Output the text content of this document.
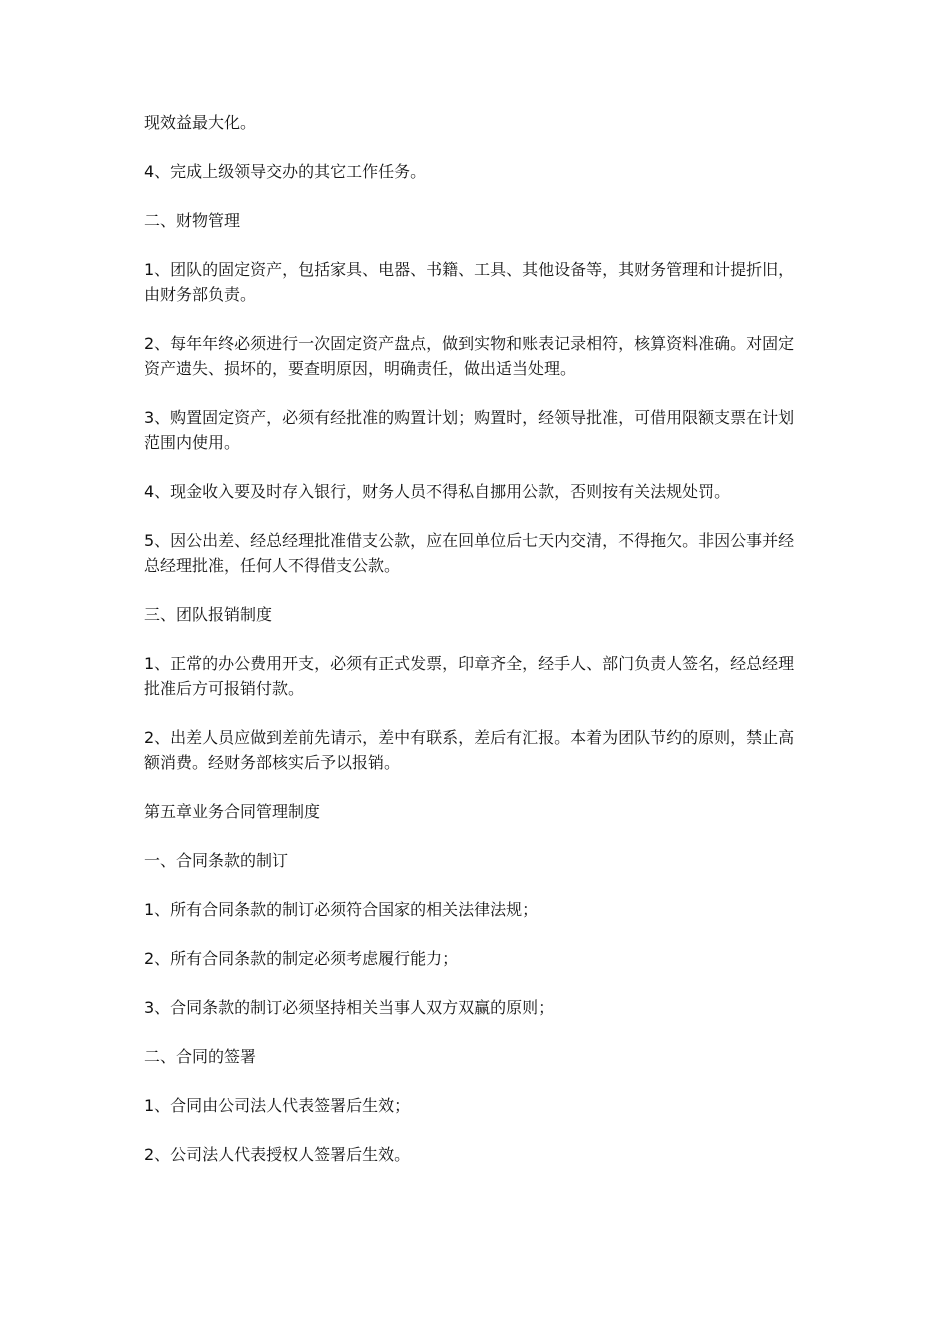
现效益最大化。

4、完成上级领导交办的其它工作任务。

二、财物管理

1、团队的固定资产，包括家具、电器、书籍、工具、其他设备等，其财务管理和计提折旧，由财务部负责。

2、每年年终必须进行一次固定资产盘点，做到实物和账表记录相符，核算资料准确。对固定资产遗失、损坏的，要查明原因，明确责任，做出适当处理。

3、购置固定资产，必须有经批准的购置计划；购置时，经领导批准，可借用限额支票在计划范围内使用。

4、现金收入要及时存入银行，财务人员不得私自挪用公款，否则按有关法规处罚。

5、因公出差、经总经理批准借支公款，应在回单位后七天内交清，不得拖欠。非因公事并经总经理批准，任何人不得借支公款。

三、团队报销制度

1、正常的办公费用开支，必须有正式发票，印章齐全，经手人、部门负责人签名，经总经理批准后方可报销付款。

2、出差人员应做到差前先请示，差中有联系，差后有汇报。本着为团队节约的原则，禁止高额消费。经财务部核实后予以报销。

第五章业务合同管理制度

一、合同条款的制订

1、所有合同条款的制订必须符合国家的相关法律法规；

2、所有合同条款的制定必须考虑履行能力；

3、合同条款的制订必须坚持相关当事人双方双赢的原则；

二、合同的签署

1、合同由公司法人代表签署后生效；

2、公司法人代表授权人签署后生效。
